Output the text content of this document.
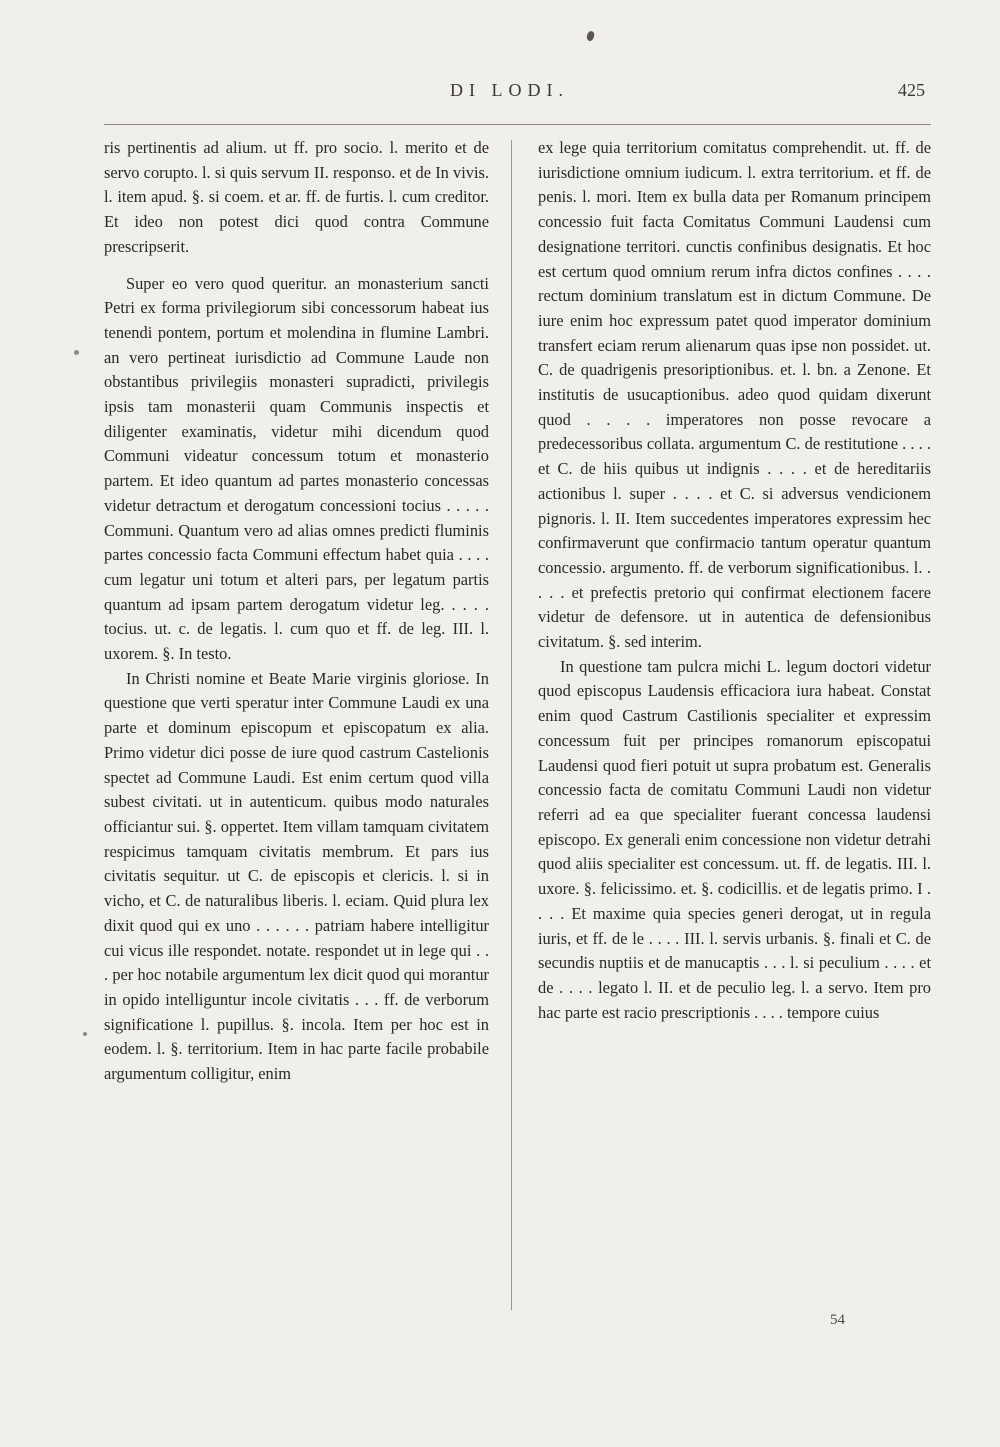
DI LODI.	425

ris pertinentis ad alium. ut ff. pro socio. l. merito et de servo corupto. l. si quis servum II. responso. et de In vivis. l. item apud. §. si coem. et ar. ff. de furtis. l. cum creditor. Et ideo non potest dici quod contra Commune prescripserit.

Super eo vero quod queritur. an monasterium sancti Petri ex forma privilegiorum sibi concessorum habeat ius tenendi pontem, portum et molendina in flumine Lambri. an vero pertineat iurisdictio ad Commune Laude non obstantibus privilegiis monasteri supradicti, privilegis ipsis tam monasterii quam Communis inspectis et diligenter examinatis, videtur mihi dicendum quod Communi videatur concessum totum et monasterio partem. Et ideo quantum ad partes monasterio concessas videtur detractum et derogatum concessioni tocius . . . . . Communi. Quantum vero ad alias omnes predicti fluminis partes concessio facta Communi effectum habet quia . . . . cum legatur uni totum et alteri pars, per legatum partis quantum ad ipsam partem derogatum videtur leg. . . . . tocius. ut. c. de legatis. l. cum quo et ff. de leg. III. l. uxorem. §. In testo.

In Christi nomine et Beate Marie virginis gloriose. In questione que verti speratur inter Commune Laudi ex una parte et dominum episcopum et episcopatum ex alia. Primo videtur dici posse de iure quod castrum Castelionis spectet ad Commune Laudi. Est enim certum quod villa subest civitati. ut in autenticum. quibus modo naturales officiantur sui. §. oppertet. Item villam tamquam civitatem respicimus tamquam civitatis membrum. Et pars ius civitatis sequitur. ut C. de episcopis et clericis. l. si in vicho, et C. de naturalibus liberis. l. eciam. Quid plura lex dixit quod qui ex uno . . . . . . patriam habere intelligitur cui vicus ille respondet. notate. respondet ut in lege qui . . . per hoc notabile argumentum lex dicit quod qui morantur in opido intelliguntur incole civitatis . . . ff. de verborum significatione l. pupillus. §. incola. Item per hoc est in eodem. l. §. territorium. Item in hac parte facile probabile argumentum colligitur, enim

ex lege quia territorium comitatus comprehendit. ut. ff. de iurisdictione omnium iudicum. l. extra territorium. et ff. de penis. l. mori. Item ex bulla data per Romanum principem concessio fuit facta Comitatus Communi Laudensi cum designatione territori. cunctis confinibus designatis. Et hoc est certum quod omnium rerum infra dictos confines . . . . rectum dominium translatum est in dictum Commune. De iure enim hoc expressum patet quod imperator dominium transfert eciam rerum alienarum quas ipse non possidet. ut. C. de quadrigenis presoriptionibus. et. l. bn. a Zenone. Et institutis de usucaptionibus. adeo quod quidam dixerunt quod . . . . imperatores non posse revocare a predecessoribus collata. argumentum C. de restitutione . . . . et C. de hiis quibus ut indignis . . . . et de hereditariis actionibus l. super . . . . et C. si adversus vendicionem pignoris. l. II. Item succedentes imperatores expressim hec confirmaverunt que confirmacio tantum operatur quantum concessio. argumento. ff. de verborum significationibus. l. . . . . et prefectis pretorio qui confirmat electionem facere videtur de defensore. ut in autentica de defensionibus civitatum. §. sed interim.

In questione tam pulcra michi L. legum doctori videtur quod episcopus Laudensis efficaciora iura habeat. Constat enim quod Castrum Castilionis specialiter et expressim concessum fuit per principes romanorum episcopatui Laudensi quod fieri potuit ut supra probatum est. Generalis concessio facta de comitatu Communi Laudi non videtur referri ad ea que specialiter fuerant concessa laudensi episcopo. Ex generali enim concessione non videtur detrahi quod aliis specialiter est concessum. ut. ff. de legatis. III. l. uxore. §. felicissimo. et. §. codicillis. et de legatis primo. I . . . . Et maxime quia species generi derogat, ut in regula iuris, et ff. de le . . . . III. l. servis urbanis. §. finali et C. de secundis nuptiis et de manucaptis . . . l. si peculium . . . . et de . . . . legato l. II. et de peculio leg. l. a servo. Item pro hac parte est racio prescriptionis . . . . tempore cuius

54
